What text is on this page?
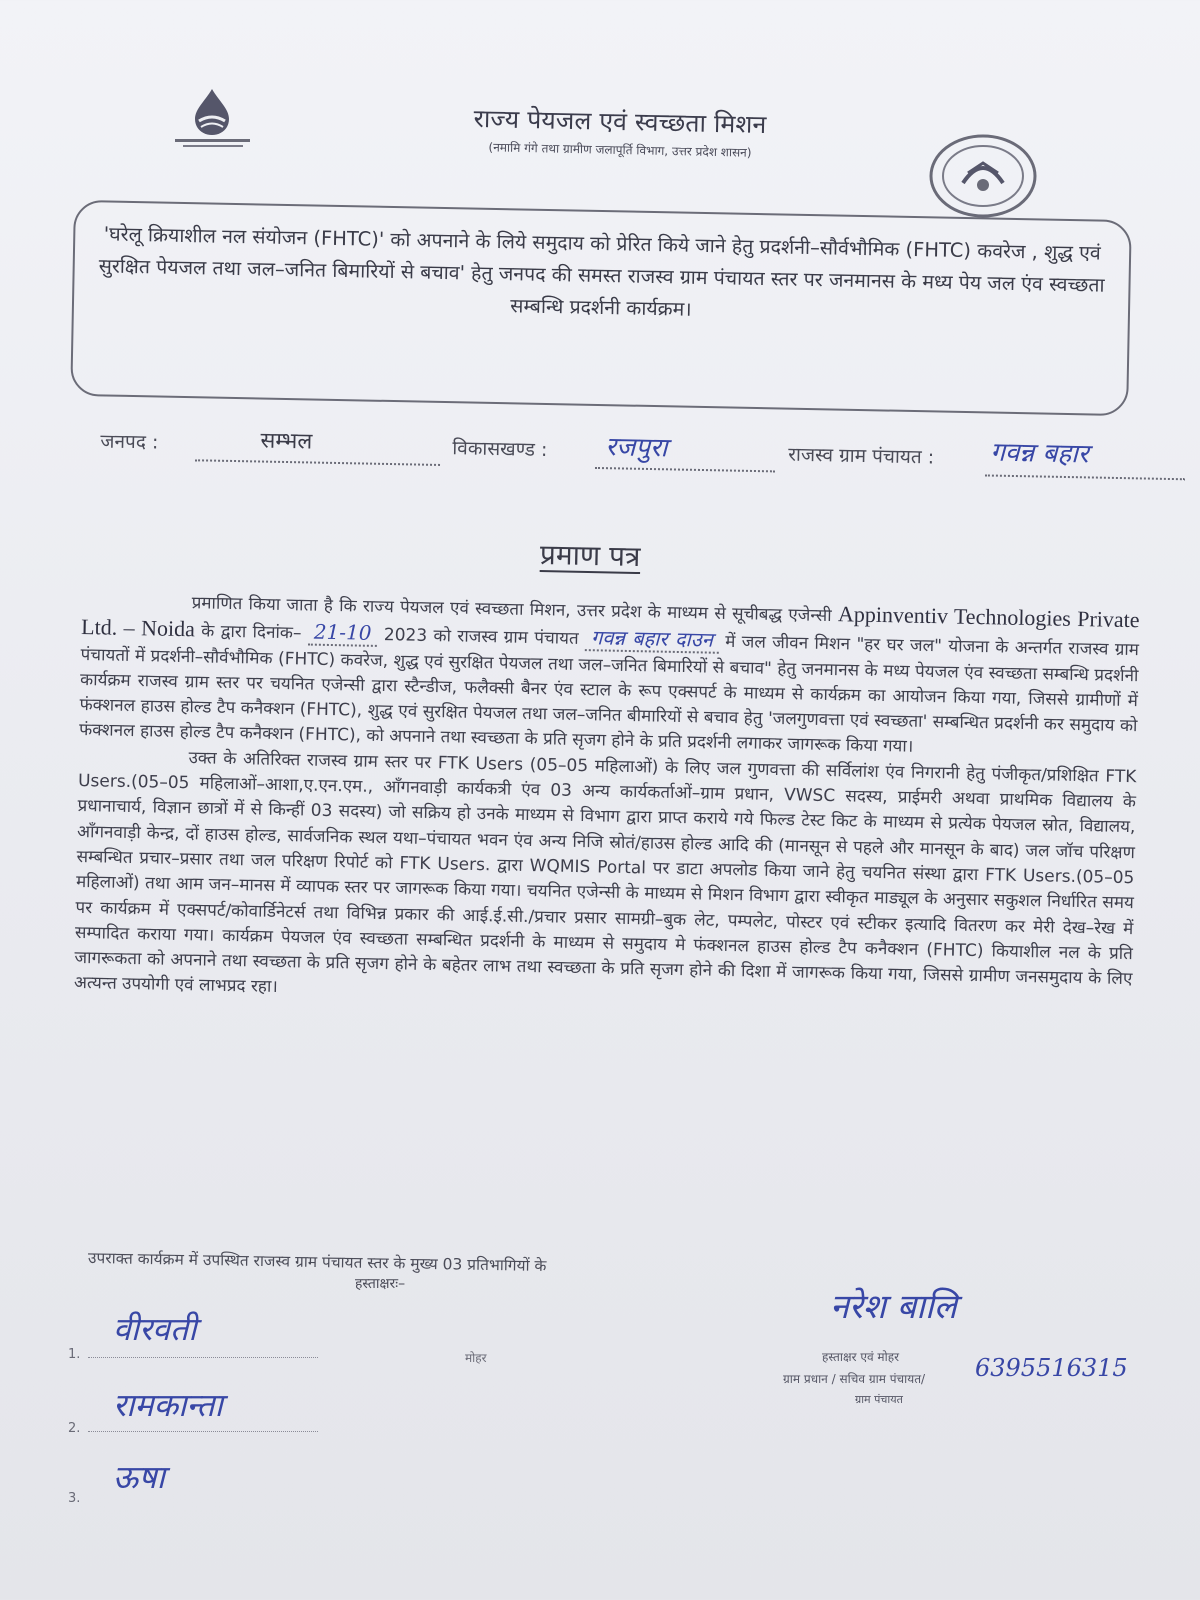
राज्य पेयजल एवं स्वच्छता मिशन
(नमामि गंगे तथा ग्रामीण जलापूर्ति विभाग, उत्तर प्रदेश शासन)
'घरेलू क्रियाशील नल संयोजन (FHTC)' को अपनाने के लिये समुदाय को प्रेरित किये जाने हेतु प्रदर्शनी–सौर्वभौमिक (FHTC) कवरेज , शुद्ध एवं सुरक्षित पेयजल तथा जल–जनित बिमारियों से बचाव' हेतु जनपद की समस्त राजस्व ग्राम पंचायत स्तर पर जनमानस के मध्य पेय जल एंव स्वच्छता सम्बन्धि प्रदर्शनी कार्यक्रम।
जनपद :	सम्भल	विकासखण्ड : रजपुरा	राजस्व ग्राम पंचायत : गवन्न बहार
प्रमाण पत्र

प्रमाणित किया जाता है कि राज्य पेयजल एवं स्वच्छता मिशन, उत्तर प्रदेश के माध्यम से सूचीबद्ध एजेन्सी Appinventiv Technologies Private Ltd. – Noida के द्वारा दिनांक– 21-10 2023 को राजस्व ग्राम पंचायत गवन्न बहार दाउन में जल जीवन मिशन "हर घर जल" योजना के अन्तर्गत राजस्व ग्राम पंचायतों में प्रदर्शनी–सौर्वभौमिक (FHTC) कवरेज, शुद्ध एवं सुरक्षित पेयजल तथा जल–जनित बिमारियों से बचाव" हेतु जनमानस के मध्य पेयजल एंव स्वच्छता सम्बन्धि प्रदर्शनी कार्यक्रम राजस्व ग्राम स्तर पर चयनित एजेन्सी द्वारा स्टैन्डीज, फलैक्सी बैनर एंव स्टाल के रूप एक्सपर्ट के माध्यम से कार्यक्रम का आयोजन किया गया, जिससे ग्रामीणों में फंक्शनल हाउस होल्ड टैप कनैक्शन (FHTC), शुद्ध एवं सुरक्षित पेयजल तथा जल–जनित बीमारियों से बचाव हेतु 'जलगुणवत्ता एवं स्वच्छता' सम्बन्धित प्रदर्शनी कर समुदाय को फंक्शनल हाउस होल्ड टैप कनैक्शन (FHTC), को अपनाने तथा स्वच्छता के प्रति सृजग होने के प्रति प्रदर्शनी लगाकर जागरूक किया गया।

उक्त के अतिरिक्त राजस्व ग्राम स्तर पर FTK Users (05–05 महिलाओं) के लिए जल गुणवत्ता की सर्विलांश एंव निगरानी हेतु पंजीकृत/प्रशिक्षित FTK Users.(05–05 महिलाओं–आशा,ए.एन.एम., आँगनवाड़ी कार्यकत्री एंव 03 अन्य कार्यकर्ताओं–ग्राम प्रधान, VWSC सदस्य, प्राईमरी अथवा प्राथमिक विद्यालय के प्रधानाचार्य, विज्ञान छात्रों में से किन्हीं 03 सदस्य) जो सक्रिय हो उनके माध्यम से विभाग द्वारा प्राप्त कराये गये फिल्ड टेस्ट किट के माध्यम से प्रत्येक पेयजल स्रोत, विद्यालय, आँगनवाड़ी केन्द्र, दों हाउस होल्ड, सार्वजनिक स्थल यथा–पंचायत भवन एंव अन्य निजि स्रोतं/हाउस होल्ड आदि की (मानसून से पहले और मानसून के बाद) जल जॉच परिक्षण सम्बन्धित प्रचार–प्रसार तथा जल परिक्षण रिपोर्ट को FTK Users. द्वारा WQMIS Portal पर डाटा अपलोड किया जाने हेतु चयनित संस्था द्वारा FTK Users.(05–05 महिलाओं) तथा आम जन–मानस में व्यापक स्तर पर जागरूक किया गया। चयनित एजेन्सी के माध्यम से मिशन विभाग द्वारा स्वीकृत माड्यूल के अनुसार सकुशल निर्धारित समय पर कार्यक्रम में एक्सपर्ट/कोवार्डिनेटर्स तथा विभिन्न प्रकार की आई.ई.सी./प्रचार प्रसार सामग्री–बुक लेट, पम्पलेट, पोस्टर एवं स्टीकर इत्यादि वितरण कर मेरी देख–रेख में सम्पादित कराया गया। कार्यक्रम पेयजल एंव स्वच्छता सम्बन्धित प्रदर्शनी के माध्यम से समुदाय मे फंक्शनल हाउस होल्ड टैप कनैक्शन (FHTC) कियाशील नल के प्रति जागरूकता को अपनाने तथा स्वच्छता के प्रति सृजग होने के बहेतर लाभ तथा स्वच्छता के प्रति सृजग होने की दिशा में जागरूक किया गया, जिससे ग्रामीण जनसमुदाय के लिए अत्यन्त उपयोगी एवं लाभप्रद रहा।

उपराक्त कार्यक्रम में उपस्थित राजस्व ग्राम पंचायत स्तर के मुख्य 03 प्रतिभागियों के
हस्ताक्षरः–
1.
वीरवती
2.
रामकान्ता
3.
ऊषा
मोहर
नरेश बालि
हस्ताक्षर एवं मोहर
ग्राम प्रधान / सचिव ग्राम पंचायत/ 6395516315
ग्राम पंचायत
